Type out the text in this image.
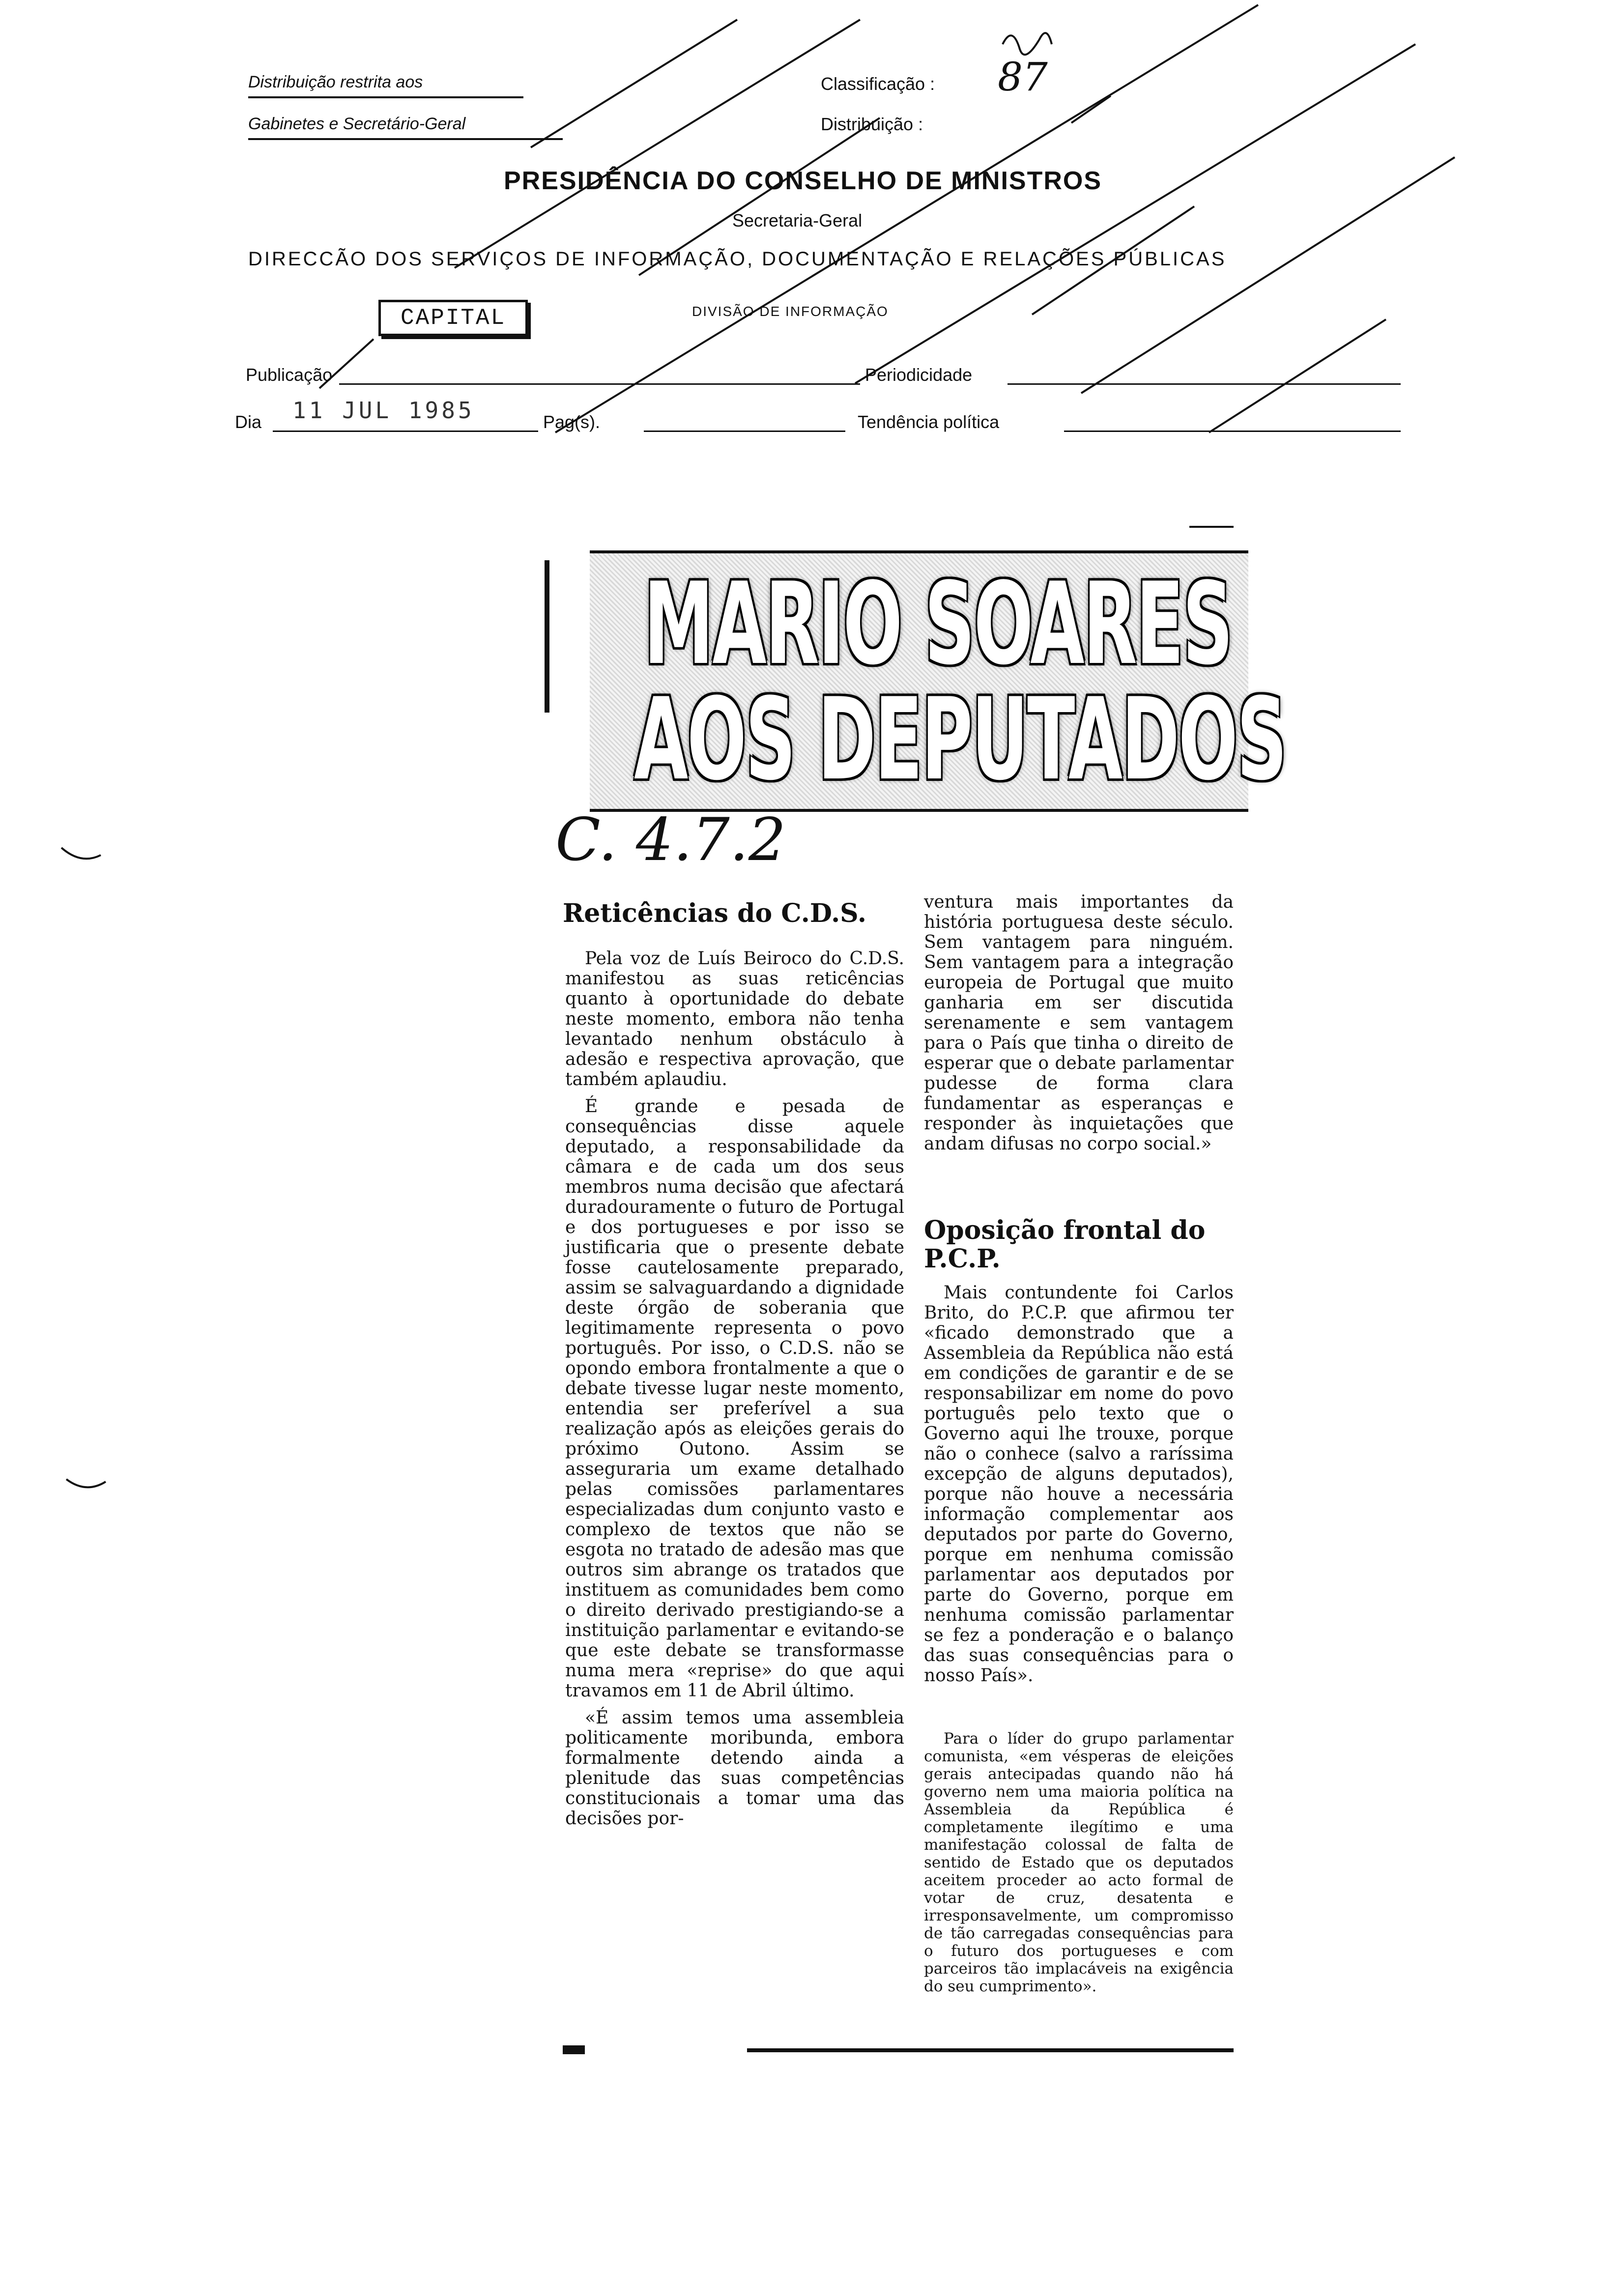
Distribuição restrita aos
Gabinetes e Secretário-Geral
Classificação : 87
Distribuição :
PRESIDÊNCIA DO CONSELHO DE MINISTROS
Secretaria-Geral
DIRECCÃO DOS SERVIÇOS DE INFORMAÇÃO, DOCUMENTAÇÃO E RELAÇÕES PÚBLICAS
CAPITAL	DIVISÃO DE INFORMAÇÃO
Publicação	Periodicidade
Dia 11 JUL 1985	Pag(s).	Tendência política
MARIO SOARES
AOS DEPUTADOS
C. 4.7.2
Reticências do C.D.S.

Pela voz de Luís Beiroco do C.D.S. manifestou as suas reticências quanto à oportunidade do debate neste momento, embora não tenha levantado nenhum obstáculo à adesão e respectiva aprovação, que também aplaudiu.

É grande e pesada de consequências disse aquele deputado, a responsabilidade da câmara e de cada um dos seus membros numa decisão que afectará duradouramente o futuro de Portugal e dos portugueses e por isso se justificaria que o presente debate fosse cautelosamente preparado, assim se salvaguardando a dignidade deste órgão de soberania que legitimamente representa o povo português. Por isso, o C.D.S. não se opondo embora frontalmente a que o debate tivesse lugar neste momento, entendia ser preferível a sua realização após as eleições gerais do próximo Outono. Assim se asseguraria um exame detalhado pelas comissões parlamentares especializadas dum conjunto vasto e complexo de textos que não se esgota no tratado de adesão mas que outros sim abrange os tratados que instituem as comunidades bem como o direito derivado prestigiando-se a instituição parlamentar e evitando-se que este debate se transformasse numa mera «reprise» do que aqui travamos em 11 de Abril último.

«É assim temos uma assembleia politicamente moribunda, embora formalmente detendo ainda a plenitude das suas competências constitucionais a tomar uma das decisões por-

ventura mais importantes da história portuguesa deste século. Sem vantagem para ninguém. Sem vantagem para a integração europeia de Portugal que muito ganharia em ser discutida serenamente e sem vantagem para o País que tinha o direito de esperar que o debate parlamentar pudesse de forma clara fundamentar as esperanças e responder às inquietações que andam difusas no corpo social.»

Oposição frontal do P.C.P.

Mais contundente foi Carlos Brito, do P.C.P. que afirmou ter «ficado demonstrado que a Assembleia da República não está em condições de garantir e de se responsabilizar em nome do povo português pelo texto que o Governo aqui lhe trouxe, porque não o conhece (salvo a raríssima excepção de alguns deputados), porque não houve a necessária informação complementar aos deputados por parte do Governo, porque em nenhuma comissão parlamentar aos deputados por parte do Governo, porque em nenhuma comissão parlamentar se fez a ponderação e o balanço das suas consequências para o nosso País».

Para o líder do grupo parlamentar comunista, «em vésperas de eleições gerais antecipadas quando não há governo nem uma maioria política na Assembleia da República é completamente ilegítimo e uma manifestação colossal de falta de sentido de Estado que os deputados aceitem proceder ao acto formal de votar de cruz, desatenta e irresponsavelmente, um compromisso de tão carregadas consequências para o futuro dos portugueses e com parceiros tão implacáveis na exigência do seu cumprimento».
